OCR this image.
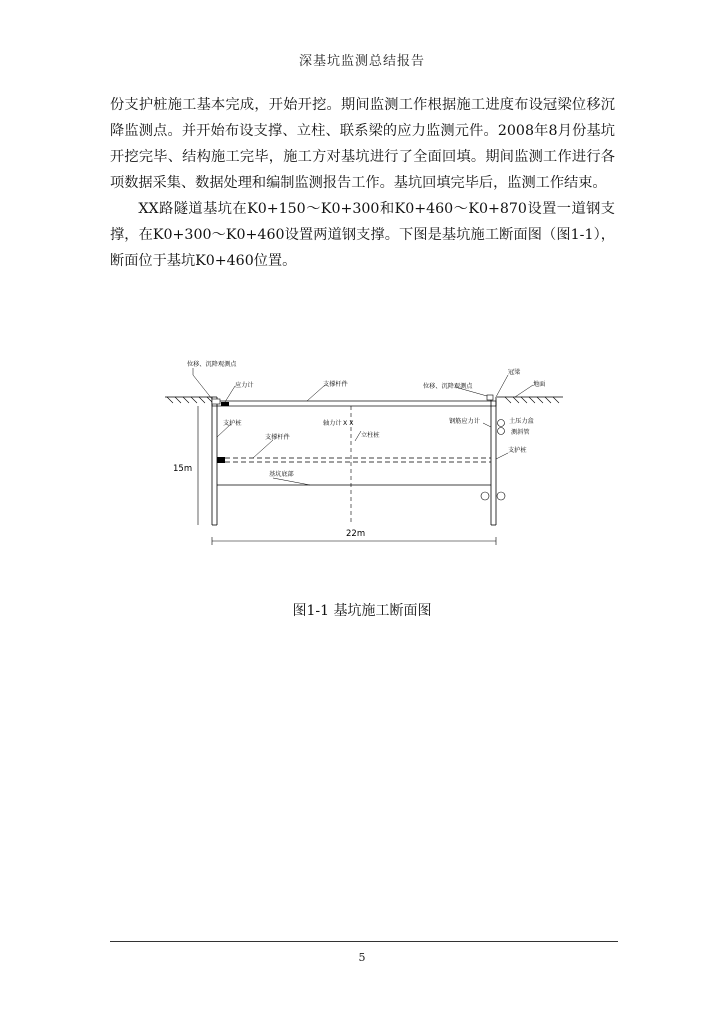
深基坑监测总结报告

份支护桩施工基本完成，开始开挖。期间监测工作根据施工进度布设冠梁位移沉降监测点。并开始布设支撑、立柱、联系梁的应力监测元件。2008年8月份基坑开挖完毕、结构施工完毕，施工方对基坑进行了全面回填。期间监测工作进行各项数据采集、数据处理和编制监测报告工作。基坑回填完毕后，监测工作结束。

XX路隧道基坑在K0+150～K0+300和K0+460～K0+870设置一道钢支撑，在K0+300～K0+460设置两道钢支撑。下图是基坑施工断面图（图1-1），断面位于基坑K0+460位置。

位移、沉降观测点
应力计	支撑杆件	位移、沉降观测点
冠梁
地面
支护桩	轴力计 X X
立柱桩
钢筋应力计	土压力盒
测斜管
支撑杆件
支护桩
基坑底部
15m
22m
图1-1 基坑施工断面图
5
